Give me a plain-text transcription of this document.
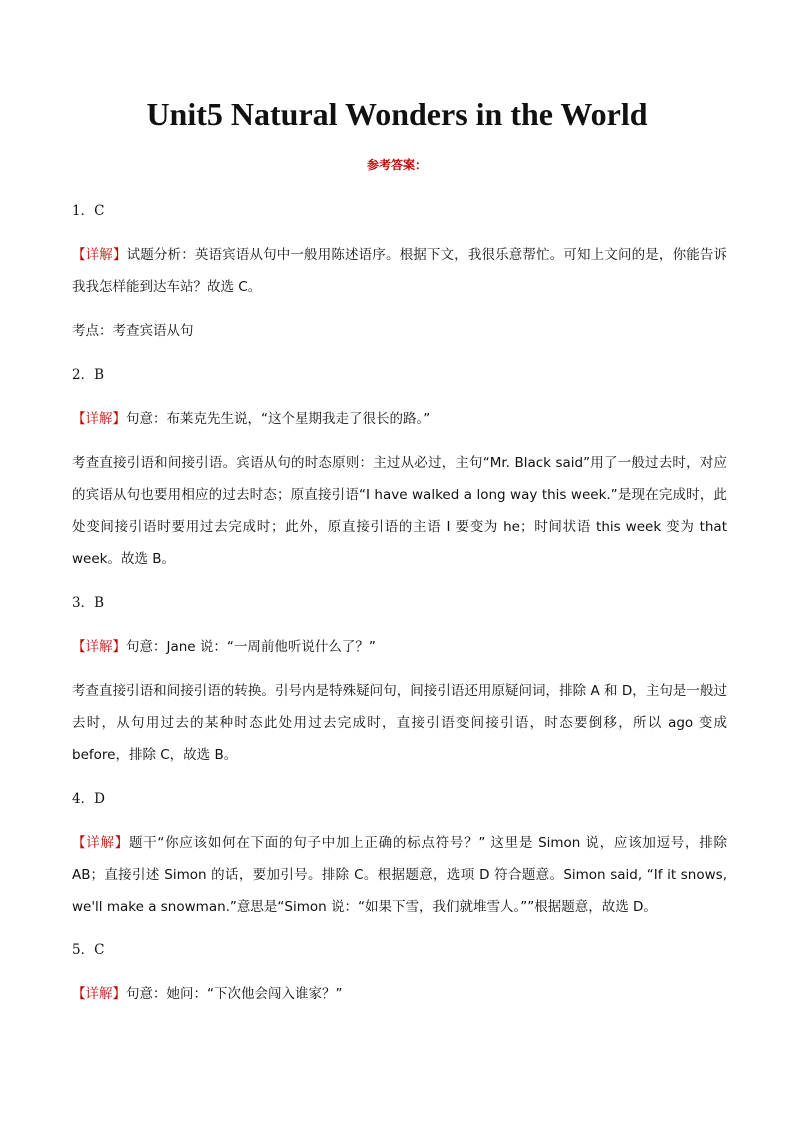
Unit5 Natural Wonders in the World
参考答案：
1．C
【详解】试题分析：英语宾语从句中一般用陈述语序。根据下文，我很乐意帮忙。可知上文问的是，你能告诉我我怎样能到达车站？故选 C。
考点：考查宾语从句
2．B
【详解】句意：布莱克先生说，“这个星期我走了很长的路。”
考查直接引语和间接引语。宾语从句的时态原则：主过从必过，主句“Mr. Black said”用了一般过去时，对应的宾语从句也要用相应的过去时态；原直接引语“I have walked a long way this week.”是现在完成时，此处变间接引语时要用过去完成时；此外，原直接引语的主语 I 要变为 he；时间状语 this week 变为 that week。故选 B。
3．B
【详解】句意：Jane 说：“一周前他听说什么了？”
考查直接引语和间接引语的转换。引号内是特殊疑问句，间接引语还用原疑问词，排除 A 和 D，主句是一般过去时，从句用过去的某种时态此处用过去完成时，直接引语变间接引语，时态要倒移，所以 ago 变成 before，排除 C，故选 B。
4．D
【详解】题干“你应该如何在下面的句子中加上正确的标点符号？” 这里是 Simon 说，应该加逗号，排除 AB；直接引述 Simon 的话，要加引号。排除 C。根据题意，选项 D 符合题意。Simon said, “If it snows, we'll make a snowman.”意思是“Simon 说：“如果下雪，我们就堆雪人。””根据题意，故选 D。
5．C
【详解】句意：她问：“下次他会闯入谁家？”
